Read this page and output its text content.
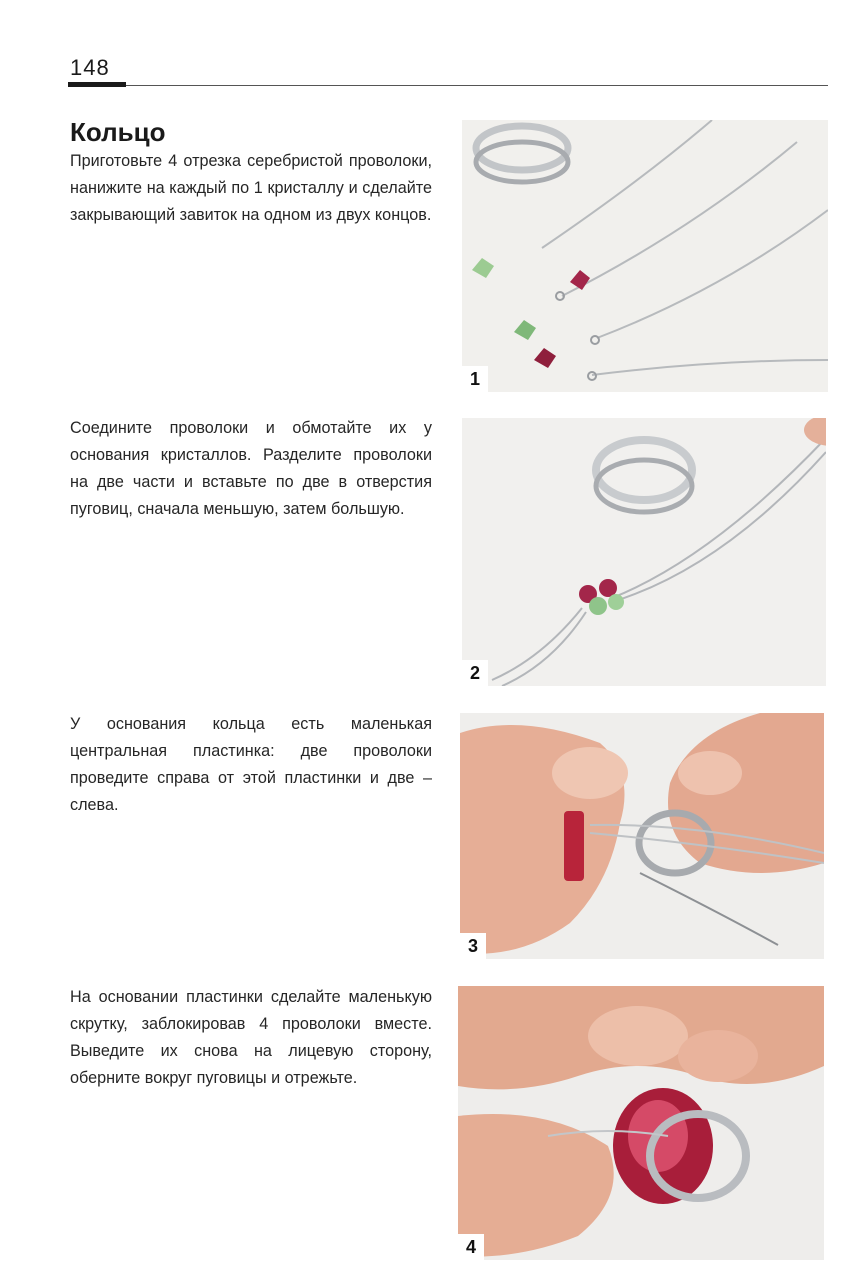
148
Кольцо

Приготовьте 4 отрезка серебристой проволоки, нанижите на каждый по 1 кристаллу и сделайте закрывающий завиток на одном из двух концов.

1

Соедините проволоки и обмотайте их у основания кристаллов. Разделите проволоки на две части и вставьте по две в отверстия пуговиц, сначала меньшую, затем большую.

2

У основания кольца есть маленькая центральная пластинка: две проволоки проведите справа от этой пластинки и две – слева.

3

На основании пластинки сделайте маленькую скрутку, заблокировав 4 проволоки вместе. Выведите их снова на лицевую сторону, оберните вокруг пуговицы и отрежьте.

4
